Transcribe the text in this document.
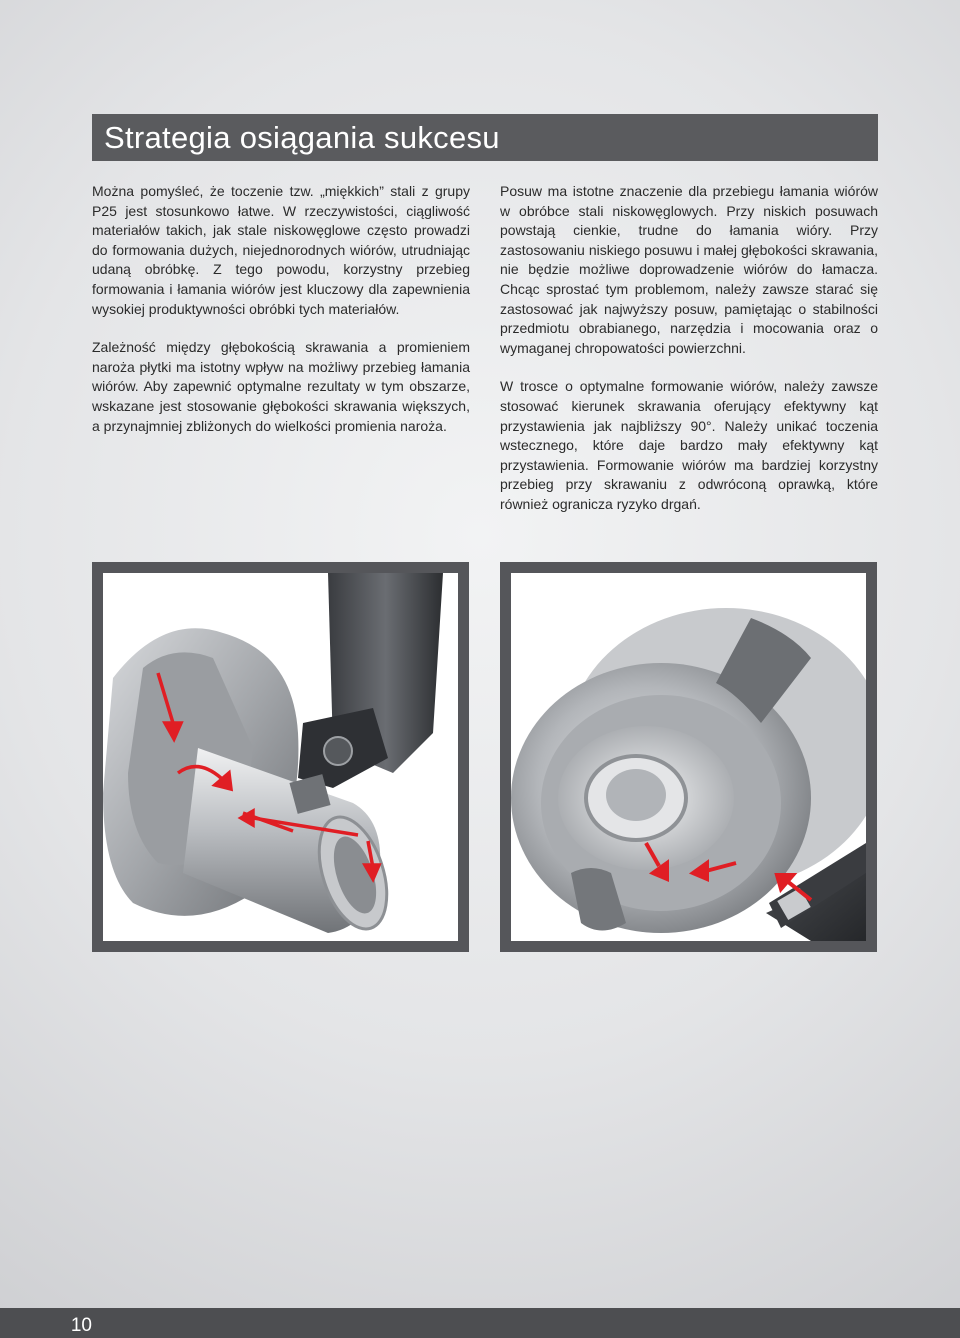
Strategia osiągania sukcesu

Można pomyśleć, że toczenie tzw. „miękkich” stali z grupy P25 jest stosunkowo łatwe. W rzeczywistości, ciągliwość materiałów takich, jak stale niskowęglowe często prowadzi do formowania dużych, niejednorodnych wiórów, utrudniając udaną obróbkę. Z tego powodu, korzystny przebieg formowania i łamania wiórów jest kluczowy dla zapewnienia wysokiej produktywności obróbki tych materiałów.

Zależność między głębokością skrawania a promieniem naroża płytki ma istotny wpływ na możliwy przebieg łamania wiórów. Aby zapewnić optymalne rezultaty w tym obszarze, wskazane jest stosowanie głębokości skrawania większych, a przynajmniej zbliżonych do wielkości promienia naroża.

Posuw ma istotne znaczenie dla przebiegu łamania wiórów w obróbce stali niskowęglowych. Przy niskich posuwach powstają cienkie, trudne do łamania wióry. Przy zastosowaniu niskiego posuwu i małej głębokości skrawania, nie będzie możliwe doprowadzenie wiórów do łamacza. Chcąc sprostać tym problemom, należy zawsze starać się zastosować jak najwyższy posuw, pamiętając o stabilności przedmiotu obrabianego, narzędzia i mocowania oraz o wymaganej chropowatości powierzchni.

W trosce o optymalne formowanie wiórów, należy zawsze stosować kierunek skrawania oferujący efektywny kąt przystawienia jak najbliższy 90°. Należy unikać toczenia wstecznego, które daje bardzo mały efektywny kąt przystawienia. Formowanie wiórów ma bardziej korzystny przebieg przy skrawaniu z odwróconą oprawką, które również ogranicza ryzyko drgań.

10
